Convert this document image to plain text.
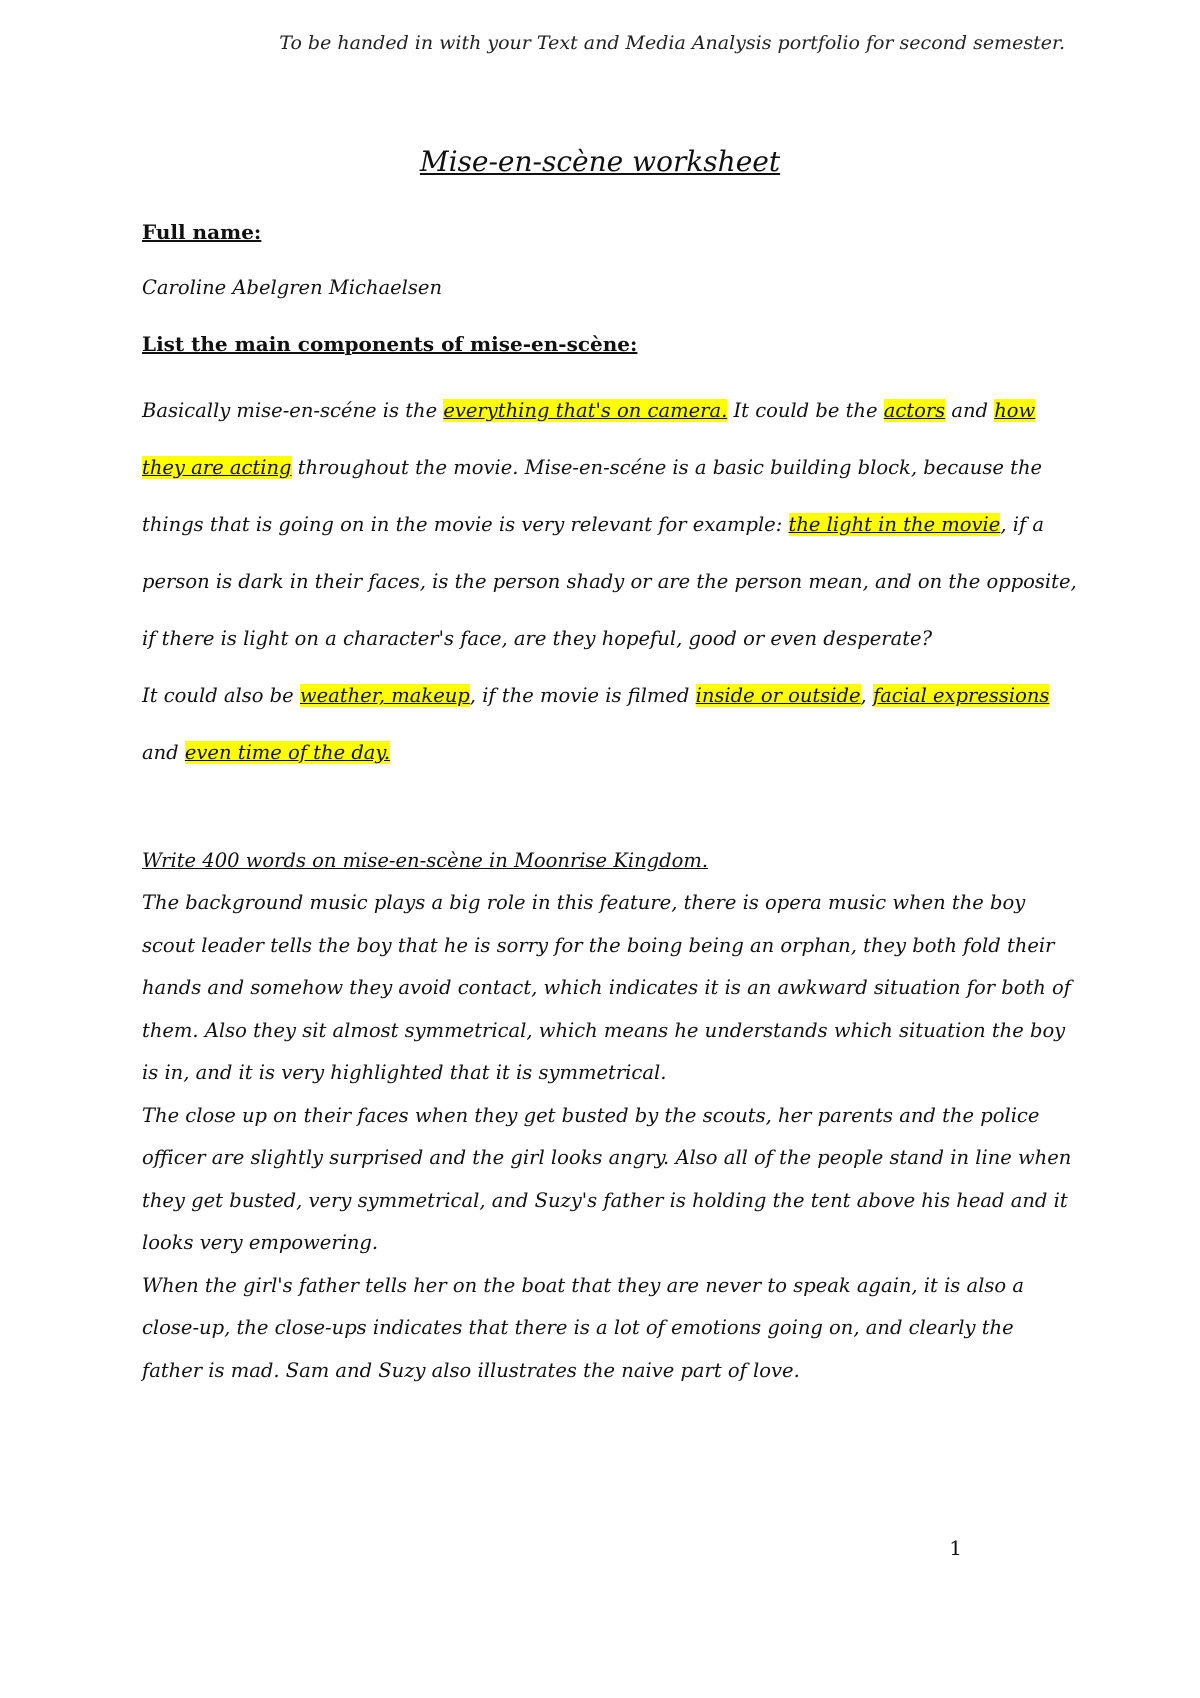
To be handed in with your Text and Media Analysis portfolio for second semester.
Mise-en-scène worksheet
Full name:
Caroline Abelgren Michaelsen
List the main components of mise-en-scène:
Basically mise-en-scéne is the everything that's on camera. It could be the actors and how they are acting throughout the movie. Mise-en-scéne is a basic building block, because the things that is going on in the movie is very relevant for example: the light in the movie, if a person is dark in their faces, is the person shady or are the person mean, and on the opposite, if there is light on a character's face, are they hopeful, good or even desperate?
It could also be weather, makeup, if the movie is filmed inside or outside, facial expressions and even time of the day.
Write 400 words on mise-en-scène in Moonrise Kingdom.

The background music plays a big role in this feature, there is opera music when the boy scout leader tells the boy that he is sorry for the boing being an orphan, they both fold their hands and somehow they avoid contact, which indicates it is an awkward situation for both of them. Also they sit almost symmetrical, which means he understands which situation the boy is in, and it is very highlighted that it is symmetrical.

The close up on their faces when they get busted by the scouts, her parents and the police officer are slightly surprised and the girl looks angry. Also all of the people stand in line when they get busted, very symmetrical, and Suzy's father is holding the tent above his head and it looks very empowering.

When the girl's father tells her on the boat that they are never to speak again, it is also a close-up, the close-ups indicates that there is a lot of emotions going on, and clearly the father is mad. Sam and Suzy also illustrates the naive part of love.

1
